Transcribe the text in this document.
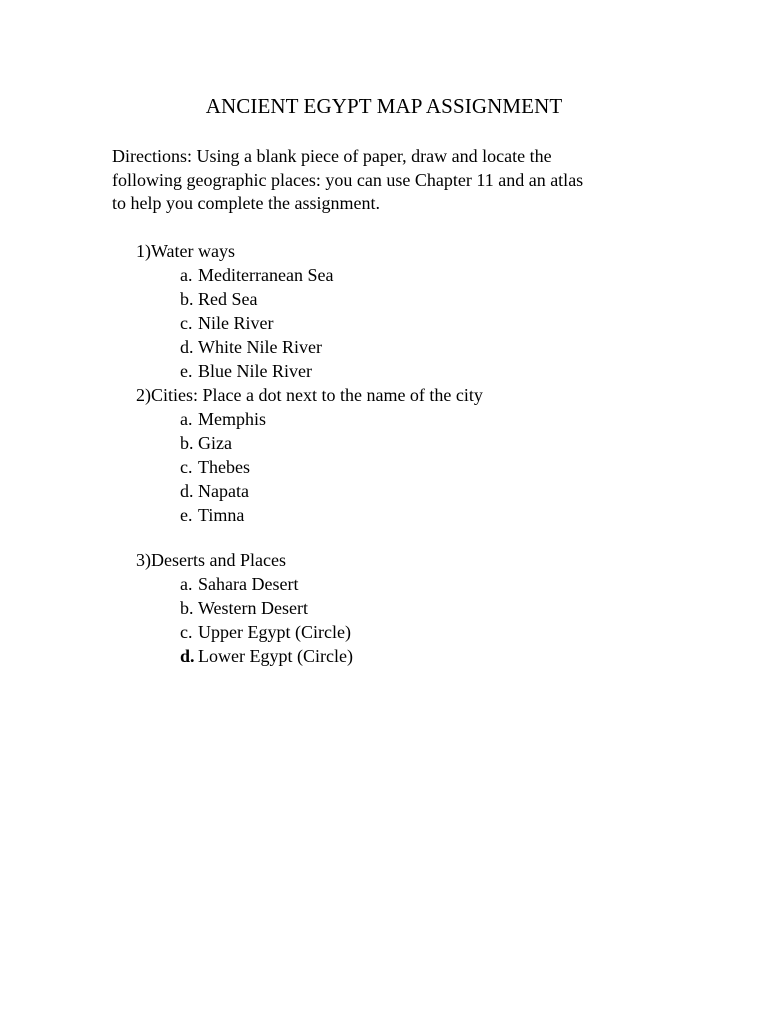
ANCIENT EGYPT MAP ASSIGNMENT
Directions: Using a blank piece of paper, draw and locate the
following geographic places: you can use Chapter 11 and an atlas
to help you complete the assignment.
1)Water ways
a. Mediterranean Sea
b. Red Sea
c. Nile River
d. White Nile River
e. Blue Nile River
2)Cities: Place a dot next to the name of the city
a. Memphis
b. Giza
c. Thebes
d. Napata
e. Timna
3)Deserts and Places
a. Sahara Desert
b. Western Desert
c. Upper Egypt (Circle)
d. Lower Egypt (Circle)
